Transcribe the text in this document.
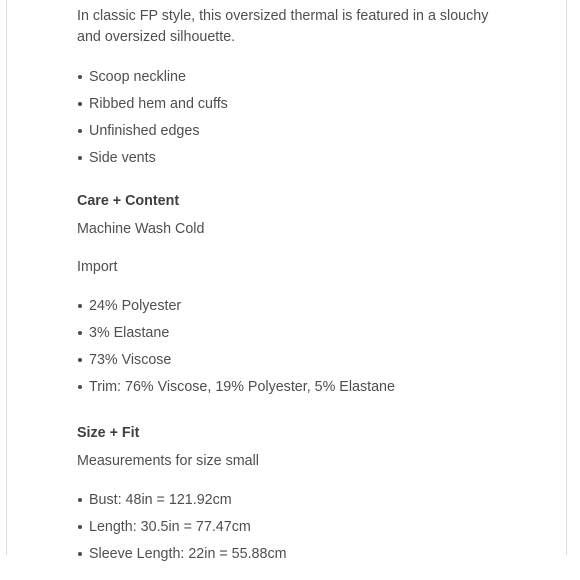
In classic FP style, this oversized thermal is featured in a slouchy and oversized silhouette.

Scoop neckline
Ribbed hem and cuffs
Unfinished edges
Side vents

Care + Content

Machine Wash Cold

Import

24% Polyester
3% Elastane
73% Viscose
Trim: 76% Viscose, 19% Polyester, 5% Elastane

Size + Fit

Measurements for size small

Bust: 48in = 121.92cm
Length: 30.5in = 77.47cm
Sleeve Length: 22in = 55.88cm
